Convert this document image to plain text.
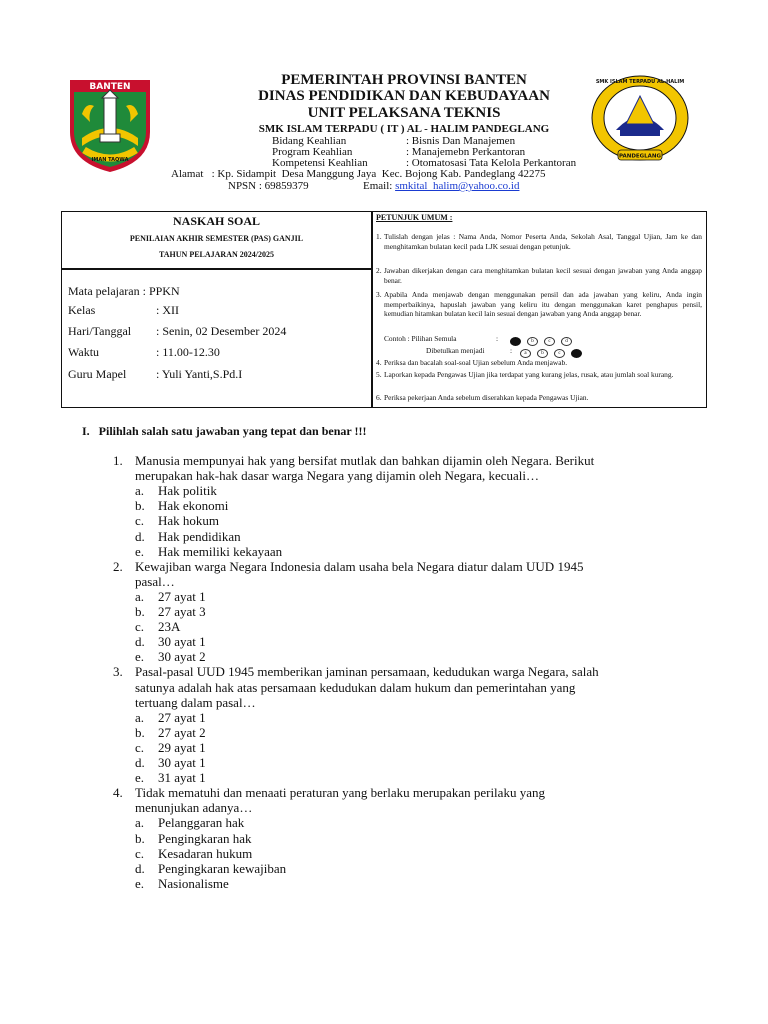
BANTEN
IMAN TAQWA
SMK ISLAM TERPADU AL-HALIM
PANDEGLANG
PEMERINTAH PROVINSI BANTEN
DINAS PENDIDIKAN DAN KEBUDAYAAN
UNIT PELAKSANA TEKNIS
SMK ISLAM TERPADU ( IT ) AL - HALIM PANDEGLANG
Bidang Keahlian	: Bisnis Dan Manajemen
Program Keahlian	: Manajemebn Perkantoran
Kompetensi Keahlian	: Otomatosasi Tata Kelola Perkantoran
Alamat   : Kp. Sidampit  Desa Manggung Jaya  Kec. Bojong Kab. Pandeglang 42275
NPSN : 69859379	Email: smkital_halim@yahoo.co.id
NASKAH SOAL
PENILAIAN AKHIR SEMESTER (PAS) GANJIL
TAHUN PELAJARAN 2024/2025
Mata pelajaran : PPKN
Kelas	: XII
Hari/Tanggal : Senin, 02 Desember 2024
Waktu	: 11.00-12.30
Guru Mapel : Yuli Yanti,S.Pd.I
PETUNJUK UMUM :
1. Tulislah dengan jelas : Nama Anda, Nomor Peserta Anda, Sekolah Asal, Tanggal Ujian, Jam ke dan menghitamkan bulatan kecil pada LJK sesuai dengan petunjuk.
2. Jawaban dikerjakan dengan cara menghitamkan bulatan kecil sesuai dengan jawaban yang Anda anggap benar.
3. Apabila Anda menjawab dengan menggunakan pensil dan ada jawaban yang keliru, Anda ingin memperbaikinya, hapuslah jawaban yang keliru itu dengan menggunakan karet penghapus pensil, kemudian hitamkan bulatan kecil lain sesuai dengan jawaban yang Anda anggap benar.
Contoh : Pilihan Semula	:	b	c	d
Dibetulkan menjadi	:	a	b	c
4. Periksa dan bacalah soal-soal Ujian sebelum Anda menjawab.
5. Laporkan kepada Pengawas Ujian jika terdapat yang kurang jelas, rusak, atau jumlah soal kurang.
6. Periksa pekerjaan Anda sebelum diserahkan kepada Pengawas Ujian.
I.   Pilihlah salah satu jawaban yang tepat dan benar !!!
1. Manusia mempunyai hak yang bersifat mutlak dan bahkan dijamin oleh Negara. Berikut
merupakan hak-hak dasar warga Negara yang dijamin oleh Negara, kecuali…
a. Hak politik
b. Hak ekonomi
c. Hak hokum
d. Hak pendidikan
e. Hak memiliki kekayaan
2. Kewajiban warga Negara Indonesia dalam usaha bela Negara diatur dalam UUD 1945
pasal…
a. 27 ayat 1
b. 27 ayat 3
c. 23A
d. 30 ayat 1
e. 30 ayat 2
3. Pasal-pasal UUD 1945 memberikan jaminan persamaan, kedudukan warga Negara, salah
satunya adalah hak atas persamaan kedudukan dalam hukum dan pemerintahan yang
tertuang dalam pasal…
a. 27 ayat 1
b. 27 ayat 2
c. 29 ayat 1
d. 30 ayat 1
e. 31 ayat 1
4. Tidak mematuhi dan menaati peraturan yang berlaku merupakan perilaku yang
menunjukan adanya…
a. Pelanggaran hak
b. Pengingkaran hak
c. Kesadaran hukum
d. Pengingkaran kewajiban
e. Nasionalisme
